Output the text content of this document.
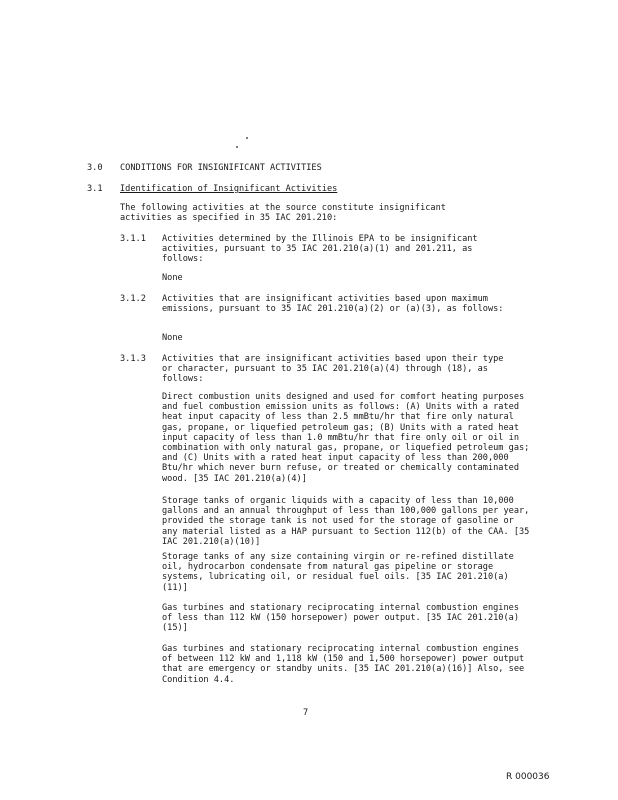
3.0 CONDITIONS FOR INSIGNIFICANT ACTIVITIES
3.1 Identification of Insignificant Activities
The following activities at the source constitute insignificant activities as specified in 35 IAC 201.210:
3.1.1 Activities determined by the Illinois EPA to be insignificant activities, pursuant to 35 IAC 201.210(a)(1) and 201.211, as follows:
None
3.1.2 Activities that are insignificant activities based upon maximum emissions, pursuant to 35 IAC 201.210(a)(2) or (a)(3), as follows:
None
3.1.3 Activities that are insignificant activities based upon their type or character, pursuant to 35 IAC 201.210(a)(4) through (18), as follows:
Direct combustion units designed and used for comfort heating purposes and fuel combustion emission units as follows: (A) Units with a rated heat input capacity of less than 2.5 mmBtu/hr that fire only natural gas, propane, or liquefied petroleum gas; (B) Units with a rated heat input capacity of less than 1.0 mmBtu/hr that fire only oil or oil in combination with only natural gas, propane, or liquefied petroleum gas; and (C) Units with a rated heat input capacity of less than 200,000 Btu/hr which never burn refuse, or treated or chemically contaminated wood. [35 IAC 201.210(a)(4)]
Storage tanks of organic liquids with a capacity of less than 10,000 gallons and an annual throughput of less than 100,000 gallons per year, provided the storage tank is not used for the storage of gasoline or any material listed as a HAP pursuant to Section 112(b) of the CAA. [35 IAC 201.210(a)(10)]
Storage tanks of any size containing virgin or re-refined distillate oil, hydrocarbon condensate from natural gas pipeline or storage systems, lubricating oil, or residual fuel oils. [35 IAC 201.210(a)(11)]
Gas turbines and stationary reciprocating internal combustion engines of less than 112 kW (150 horsepower) power output. [35 IAC 201.210(a)(15)]
Gas turbines and stationary reciprocating internal combustion engines of between 112 kW and 1,118 kW (150 and 1,500 horsepower) power output that are emergency or standby units. [35 IAC 201.210(a)(16)] Also, see Condition 4.4.
7
R 000036
